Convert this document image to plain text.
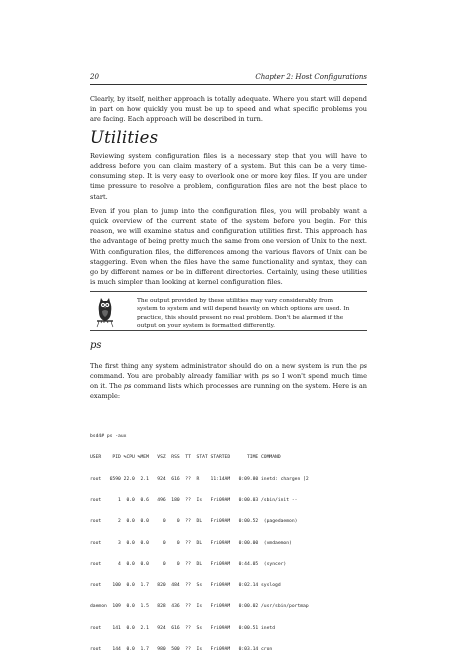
20	Chapter 2: Host Configurations

Clearly, by itself, neither approach is totally adequate. Where you start will depend in part on how quickly you must be up to speed and what specific problems you are facing. Each approach will be described in turn.

Utilities

Reviewing system configuration files is a necessary step that you will have to address before you can claim mastery of a system. But this can be a very time-consuming step. It is very easy to overlook one or more key files. If you are under time pressure to resolve a problem, configuration files are not the best place to start.

Even if you plan to jump into the configuration files, you will probably want a quick overview of the current state of the system before you begin. For this reason, we will examine status and configuration utilities first. This approach has the advantage of being pretty much the same from one version of Unix to the next. With configuration files, the differences among the various flavors of Unix can be staggering. Even when the files have the same functionality and syntax, they can go by different names or be in different directories. Certainly, using these utilities is much simpler than looking at kernel configuration files.

The output provided by these utilities may vary considerably from system to system and will depend heavily on which options are used. In practice, this should present no real problem. Don't be alarmed if the output on your system is formatted differently.

ps

The first thing any system administrator should do on a new system is run the ps command. You are probably already familiar with ps so I won't spend much time on it. The ps command lists which processes are running on the system. Here is an example:

bsd4# ps -aux

USER    PID %CPU %MEM   VSZ  RSS  TT  STAT STARTED      TIME COMMAND

root   6590 22.0  2.1   924  616  ??  R    11:14AM   0:09.80 inetd: chargen [2

root      1  0.0  0.6   496  180  ??  Is   Fri09AM   0:00.03 /sbin/init --

root      2  0.0  0.0     0    0  ??  DL   Fri09AM   0:00.52  (pagedaemon)

root      3  0.0  0.0     0    0  ??  DL   Fri09AM   0:00.00  (vmdaemon)

root      4  0.0  0.0     0    0  ??  DL   Fri09AM   0:44.05  (syncer)

root    100  0.0  1.7   820  484  ??  Ss   Fri09AM   0:02.14 syslogd

daemon  109  0.0  1.5   828  436  ??  Is   Fri09AM   0:00.02 /usr/sbin/portmap

root    141  0.0  2.1   924  616  ??  Ss   Fri09AM   0:00.51 inetd

root    144  0.0  1.7   980  500  ??  Is   Fri09AM   0:03.14 cron
